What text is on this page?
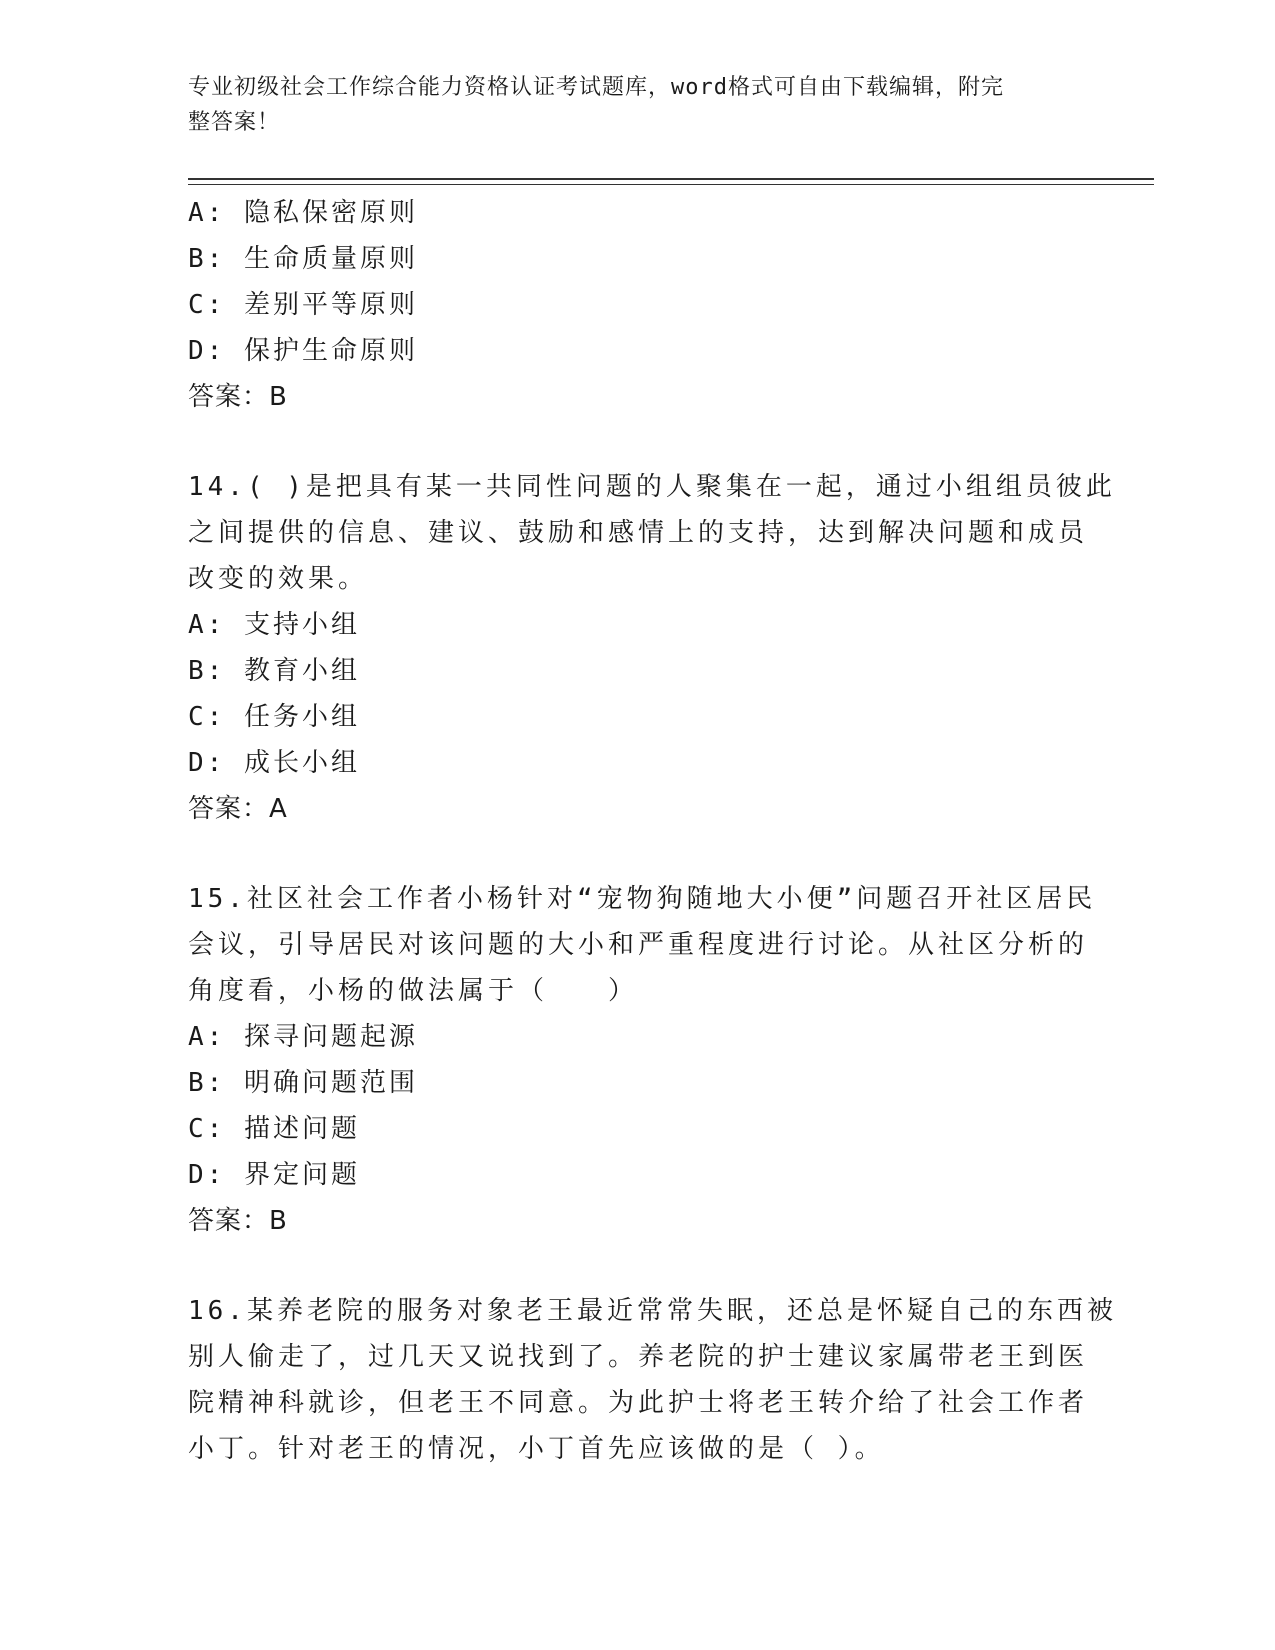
专业初级社会工作综合能力资格认证考试题库，word格式可自由下载编辑，附完
整答案！
A: 隐私保密原则
B: 生命质量原则
C: 差别平等原则
D: 保护生命原则
答案：B
14.( )是把具有某一共同性问题的人聚集在一起，通过小组组员彼此
之间提供的信息、建议、鼓励和感情上的支持，达到解决问题和成员
改变的效果。
A: 支持小组
B: 教育小组
C: 任务小组
D: 成长小组
答案：A
15.社区社会工作者小杨针对“宠物狗随地大小便”问题召开社区居民
会议，引导居民对该问题的大小和严重程度进行讨论。从社区分析的
角度看，小杨的做法属于（　　）
A: 探寻问题起源
B: 明确问题范围
C: 描述问题
D: 界定问题
答案：B
16.某养老院的服务对象老王最近常常失眠，还总是怀疑自己的东西被
别人偷走了，过几天又说找到了。养老院的护士建议家属带老王到医
院精神科就诊，但老王不同意。为此护士将老王转介给了社会工作者
小丁。针对老王的情况，小丁首先应该做的是（ ）。
